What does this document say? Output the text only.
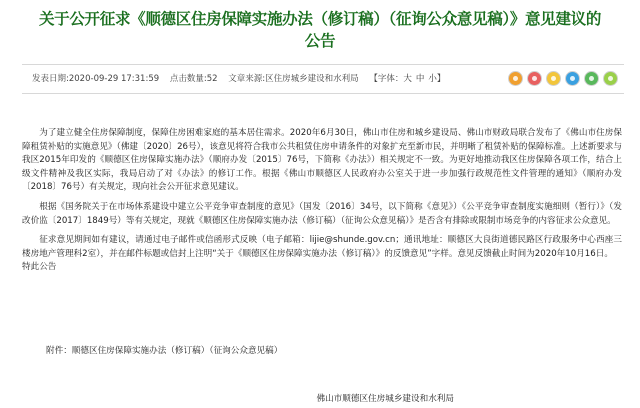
关于公开征求《顺德区住房保障实施办法（修订稿）（征询公众意见稿）》意见建议的
公告
发表日期:2020-09-29 17:31:59 点击数量:52 文章来源:区住房城乡建设和水利局 【字体：大 中 小】

为了建立健全住房保障制度，保障住房困难家庭的基本居住需求。2020年6月30日，佛山市住房和城乡建设局、佛山市财政局联合发布了《佛山市住房保障租赁补贴的实施意见》（佛建〔2020〕26号），该意见将符合我市公共租赁住房申请条件的对象扩充至新市民，并明晰了租赁补贴的保障标准。上述新要求与我区2015年印发的《顺德区住房保障实施办法》（顺府办发〔2015〕76号，下简称《办法》）相关规定不一致。为更好地推动我区住房保障各项工作，结合上级文件精神及我区实际，我局启动了对《办法》的修订工作。根据《佛山市顺德区人民政府办公室关于进一步加强行政规范性文件管理的通知》（顺府办发〔2018〕76号）有关规定，现向社会公开征求意见建议。

根据《国务院关于在市场体系建设中建立公平竞争审查制度的意见》（国发〔2016〕34号，以下简称《意见》）《公平竞争审查制度实施细则（暂行）》（发改价监〔2017〕1849号）等有关规定，现就《顺德区住房保障实施办法（修订稿）（征询公众意见稿）》是否含有排除或限制市场竞争的内容征求公众意见。

征求意见期间如有建议，请通过电子邮件或信函形式反映（电子邮箱：lijie@shunde.gov.cn；通讯地址：顺德区大良街道德民路区行政服务中心西座三楼房地产管理科2室），并在邮件标题或信封上注明“关于《顺德区住房保障实施办法（修订稿）》的反馈意见”字样。意见反馈截止时间为2020年10月16日。

特此公告

附件：顺德区住房保障实施办法（修订稿）（征询公众意见稿）
佛山市顺德区住房城乡建设和水利局
